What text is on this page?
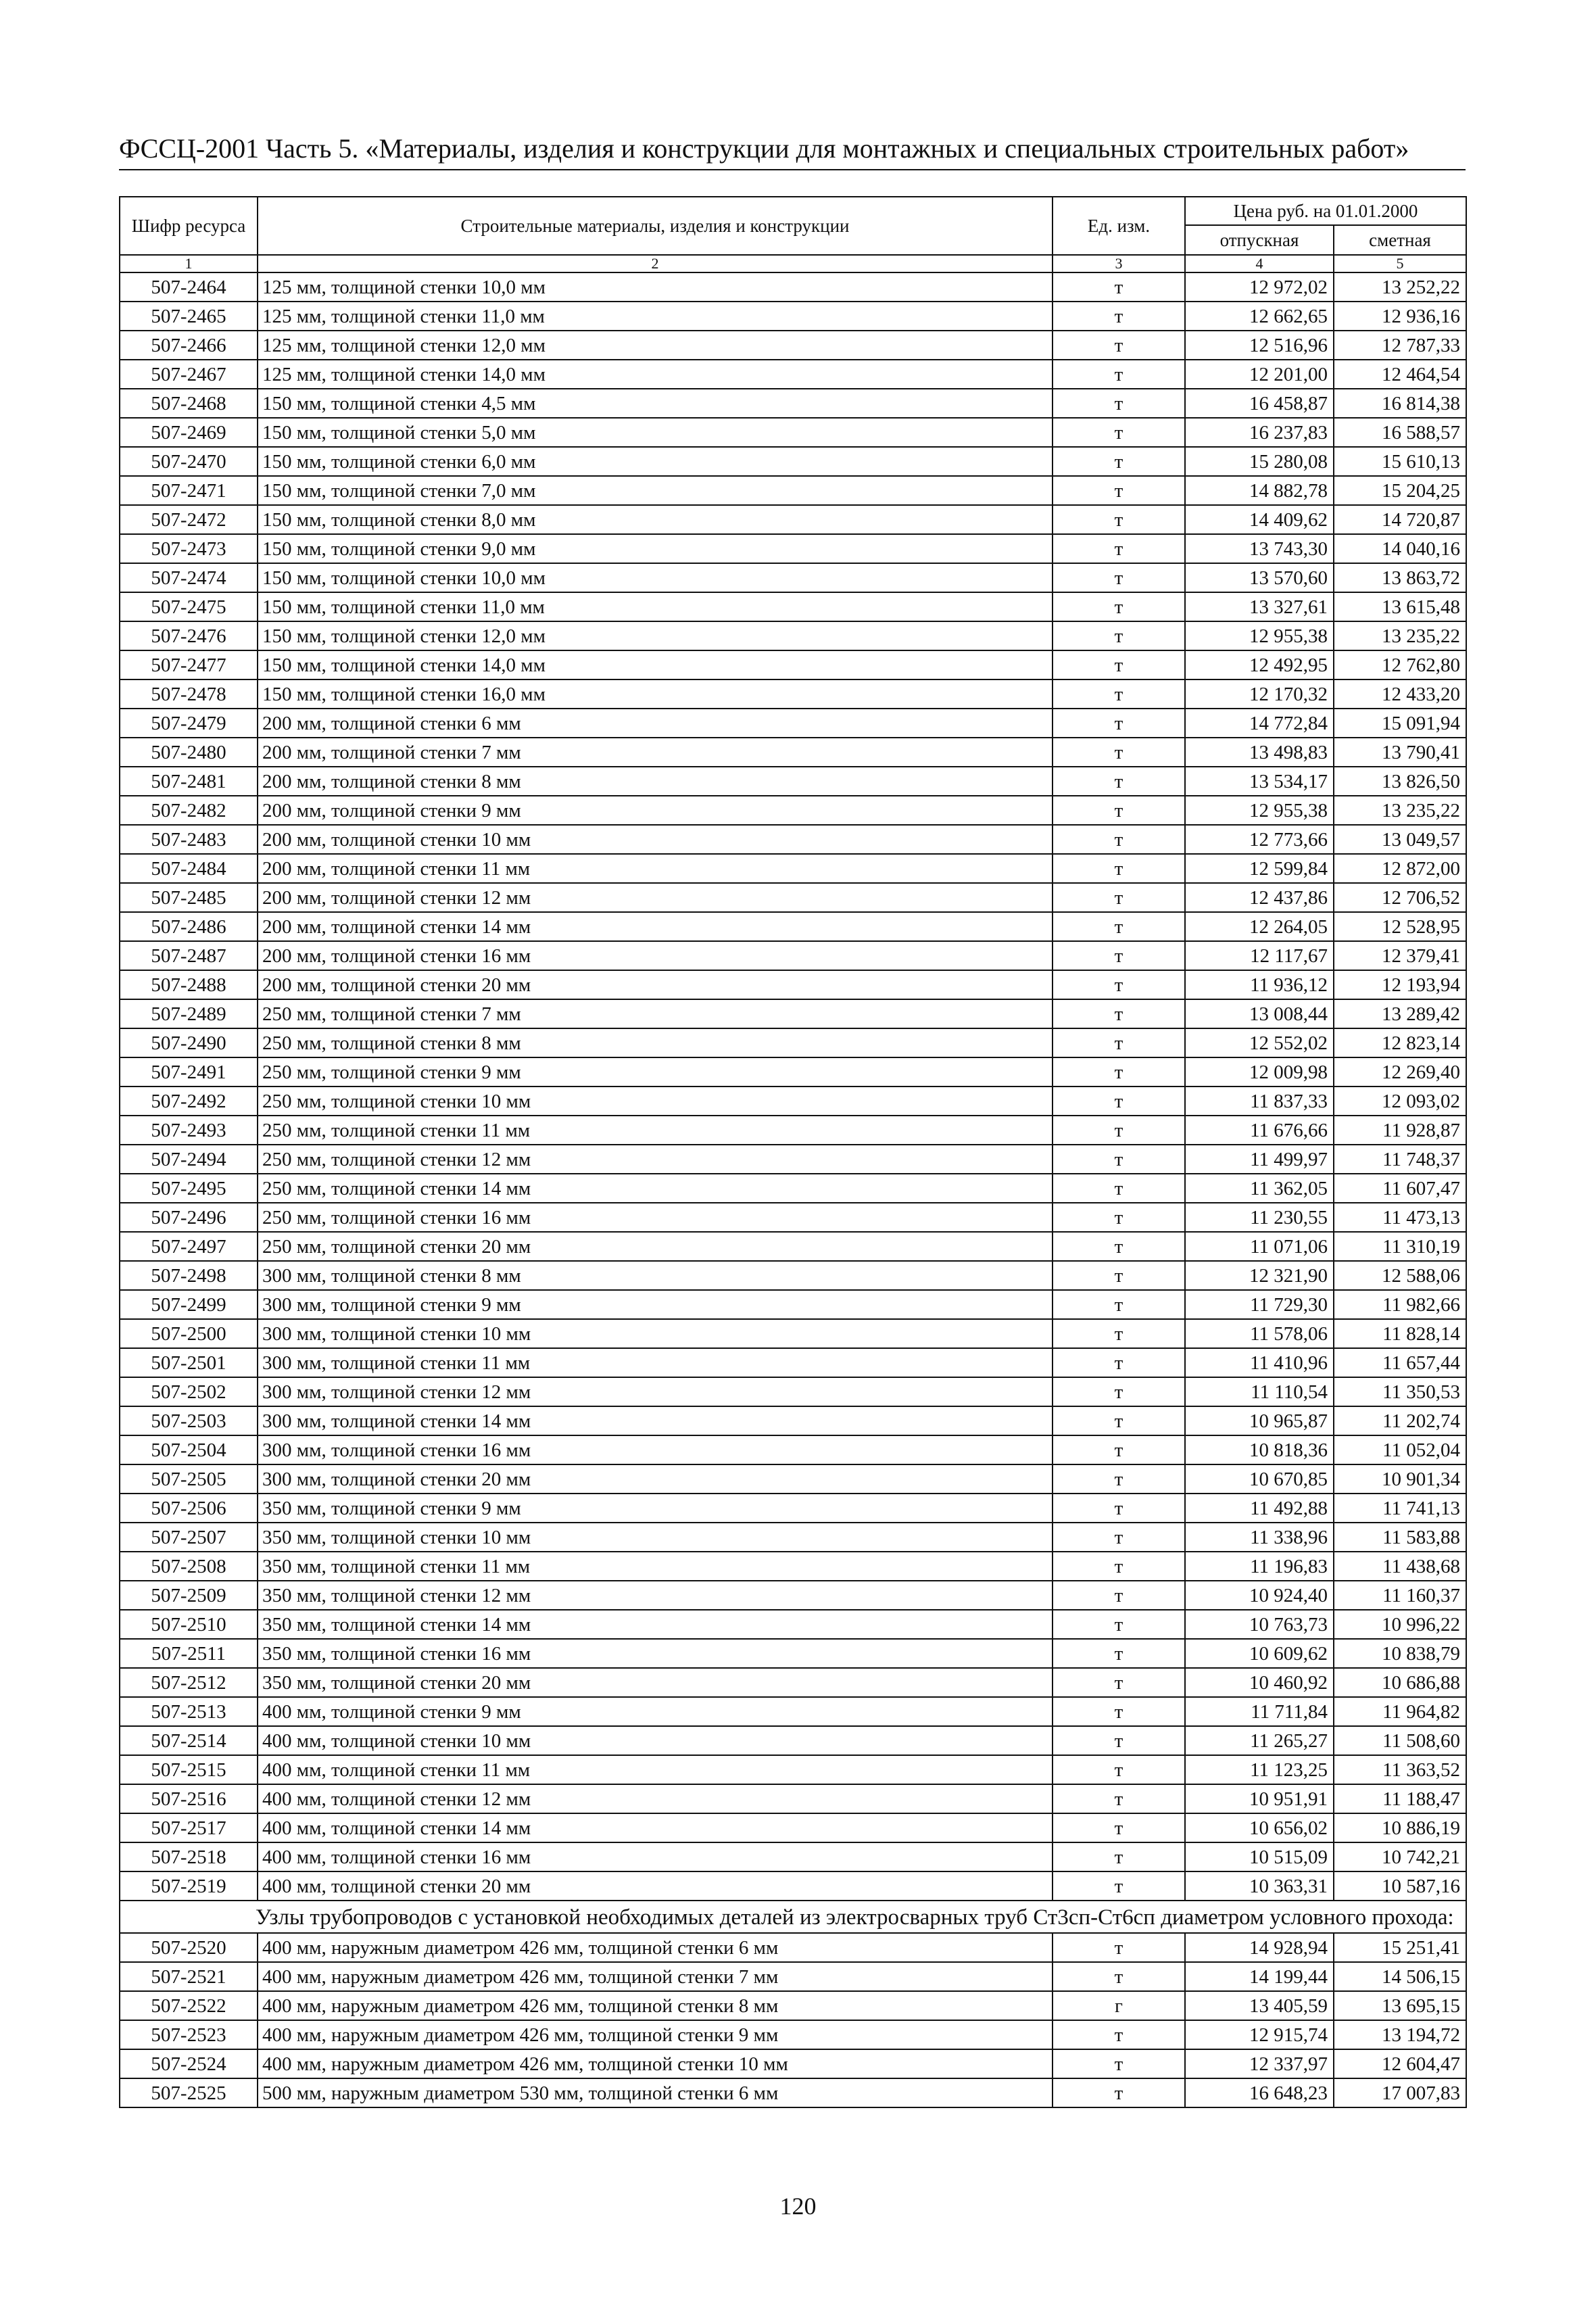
ФССЦ-2001 Часть 5. «Материалы, изделия и конструкции для монтажных и специальных строительных работ»
Шифр ресурса	Строительные материалы, изделия и конструкции	Ед. изм.	Цена руб. на 01.01.2000	
			отпускная	сметная
1	2	3	4	5
507-2464	125 мм, толщиной стенки 10,0 мм	т	12 972,02	13 252,22
507-2465	125 мм, толщиной стенки 11,0 мм	т	12 662,65	12 936,16
507-2466	125 мм, толщиной стенки 12,0 мм	т	12 516,96	12 787,33
507-2467	125 мм, толщиной стенки 14,0 мм	т	12 201,00	12 464,54
507-2468	150 мм, толщиной стенки 4,5 мм	т	16 458,87	16 814,38
507-2469	150 мм, толщиной стенки 5,0 мм	т	16 237,83	16 588,57
507-2470	150 мм, толщиной стенки 6,0 мм	т	15 280,08	15 610,13
507-2471	150 мм, толщиной стенки 7,0 мм	т	14 882,78	15 204,25
507-2472	150 мм, толщиной стенки 8,0 мм	т	14 409,62	14 720,87
507-2473	150 мм, толщиной стенки 9,0 мм	т	13 743,30	14 040,16
507-2474	150 мм, толщиной стенки 10,0 мм	т	13 570,60	13 863,72
507-2475	150 мм, толщиной стенки 11,0 мм	т	13 327,61	13 615,48
507-2476	150 мм, толщиной стенки 12,0 мм	т	12 955,38	13 235,22
507-2477	150 мм, толщиной стенки 14,0 мм	т	12 492,95	12 762,80
507-2478	150 мм, толщиной стенки 16,0 мм	т	12 170,32	12 433,20
507-2479	200 мм, толщиной стенки 6 мм	т	14 772,84	15 091,94
507-2480	200 мм, толщиной стенки 7 мм	т	13 498,83	13 790,41
507-2481	200 мм, толщиной стенки 8 мм	т	13 534,17	13 826,50
507-2482	200 мм, толщиной стенки 9 мм	т	12 955,38	13 235,22
507-2483	200 мм, толщиной стенки 10 мм	т	12 773,66	13 049,57
507-2484	200 мм, толщиной стенки 11 мм	т	12 599,84	12 872,00
507-2485	200 мм, толщиной стенки 12 мм	т	12 437,86	12 706,52
507-2486	200 мм, толщиной стенки 14 мм	т	12 264,05	12 528,95
507-2487	200 мм, толщиной стенки 16 мм	т	12 117,67	12 379,41
507-2488	200 мм, толщиной стенки 20 мм	т	11 936,12	12 193,94
507-2489	250 мм, толщиной стенки 7 мм	т	13 008,44	13 289,42
507-2490	250 мм, толщиной стенки 8 мм	т	12 552,02	12 823,14
507-2491	250 мм, толщиной стенки 9 мм	т	12 009,98	12 269,40
507-2492	250 мм, толщиной стенки 10 мм	т	11 837,33	12 093,02
507-2493	250 мм, толщиной стенки 11 мм	т	11 676,66	11 928,87
507-2494	250 мм, толщиной стенки 12 мм	т	11 499,97	11 748,37
507-2495	250 мм, толщиной стенки 14 мм	т	11 362,05	11 607,47
507-2496	250 мм, толщиной стенки 16 мм	т	11 230,55	11 473,13
507-2497	250 мм, толщиной стенки 20 мм	т	11 071,06	11 310,19
507-2498	300 мм, толщиной стенки 8 мм	т	12 321,90	12 588,06
507-2499	300 мм, толщиной стенки 9 мм	т	11 729,30	11 982,66
507-2500	300 мм, толщиной стенки 10 мм	т	11 578,06	11 828,14
507-2501	300 мм, толщиной стенки 11 мм	т	11 410,96	11 657,44
507-2502	300 мм, толщиной стенки 12 мм	т	11 110,54	11 350,53
507-2503	300 мм, толщиной стенки 14 мм	т	10 965,87	11 202,74
507-2504	300 мм, толщиной стенки 16 мм	т	10 818,36	11 052,04
507-2505	300 мм, толщиной стенки 20 мм	т	10 670,85	10 901,34
507-2506	350 мм, толщиной стенки 9 мм	т	11 492,88	11 741,13
507-2507	350 мм, толщиной стенки 10 мм	т	11 338,96	11 583,88
507-2508	350 мм, толщиной стенки 11 мм	т	11 196,83	11 438,68
507-2509	350 мм, толщиной стенки 12 мм	т	10 924,40	11 160,37
507-2510	350 мм, толщиной стенки 14 мм	т	10 763,73	10 996,22
507-2511	350 мм, толщиной стенки 16 мм	т	10 609,62	10 838,79
507-2512	350 мм, толщиной стенки 20 мм	т	10 460,92	10 686,88
507-2513	400 мм, толщиной стенки 9 мм	т	11 711,84	11 964,82
507-2514	400 мм, толщиной стенки 10 мм	т	11 265,27	11 508,60
507-2515	400 мм, толщиной стенки 11 мм	т	11 123,25	11 363,52
507-2516	400 мм, толщиной стенки 12 мм	т	10 951,91	11 188,47
507-2517	400 мм, толщиной стенки 14 мм	т	10 656,02	10 886,19
507-2518	400 мм, толщиной стенки 16 мм	т	10 515,09	10 742,21
507-2519	400 мм, толщиной стенки 20 мм	т	10 363,31	10 587,16
Узлы трубопроводов с установкой необходимых деталей из электросварных труб Ст3сп-Ст6сп диаметром условного прохода:				
507-2520	400 мм, наружным диаметром 426 мм, толщиной стенки 6 мм	т	14 928,94	15 251,41
507-2521	400 мм, наружным диаметром 426 мм, толщиной стенки 7 мм	т	14 199,44	14 506,15
507-2522	400 мм, наружным диаметром 426 мм, толщиной стенки 8 мм	г	13 405,59	13 695,15
507-2523	400 мм, наружным диаметром 426 мм, толщиной стенки 9 мм	т	12 915,74	13 194,72
507-2524	400 мм, наружным диаметром 426 мм, толщиной стенки 10 мм	т	12 337,97	12 604,47
507-2525	500 мм, наружным диаметром 530 мм, толщиной стенки 6 мм	т	16 648,23	17 007,83
120
